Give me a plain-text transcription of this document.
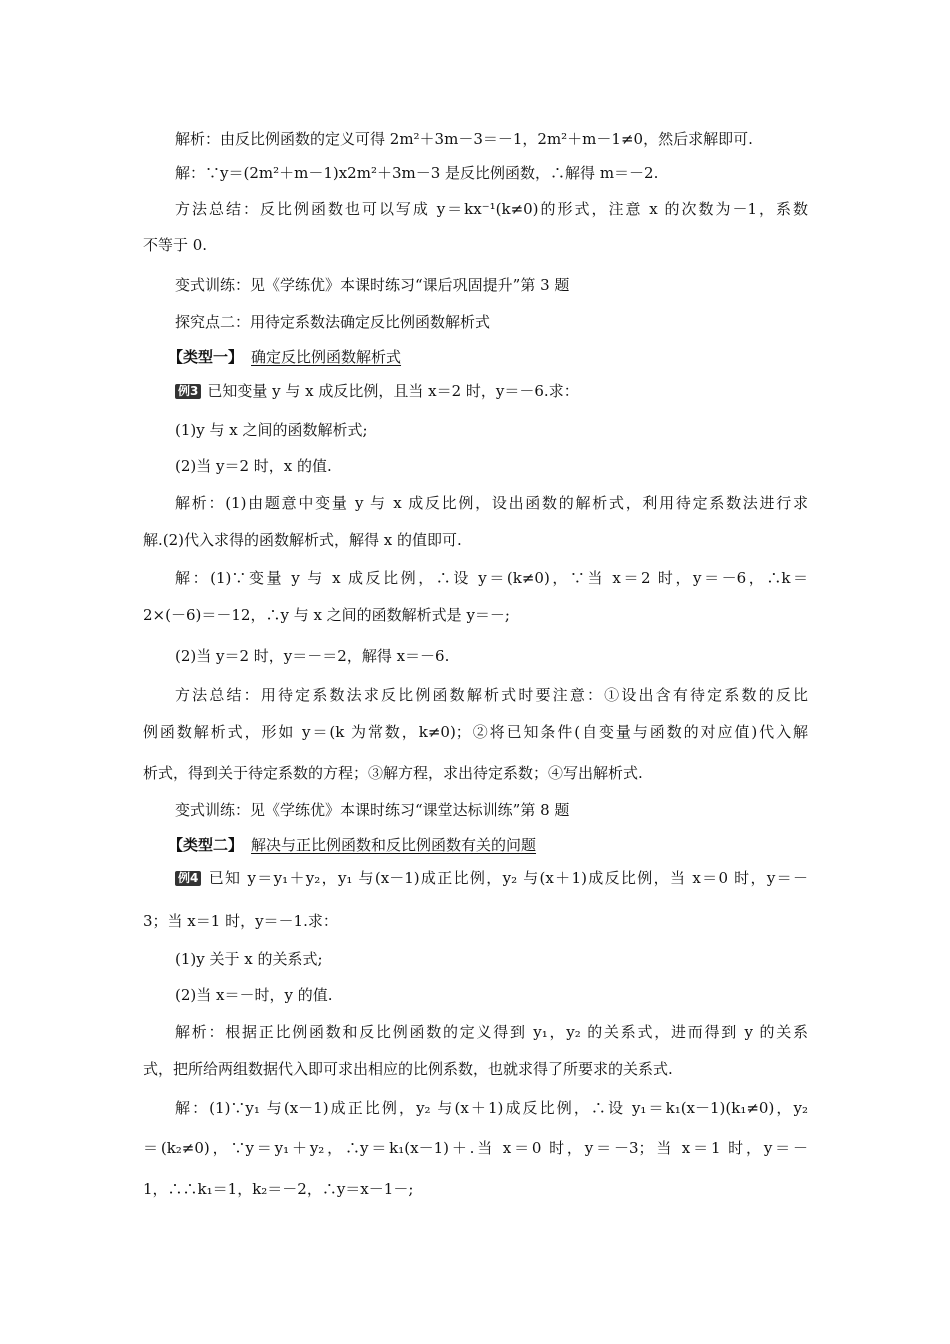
解析：由反比例函数的定义可得 2m²＋3m－3＝－1，2m²＋m－1≠0，然后求解即可.
解：∵y＝(2m²＋m－1)x2m²＋3m－3 是反比例函数，∴解得 m＝－2.
方法总结：反比例函数也可以写成 y＝kx⁻¹(k≠0)的形式，注意 x 的次数为－1，系数
不等于 0.
变式训练：见《学练优》本课时练习“课后巩固提升”第 3 题
探究点二：用待定系数法确定反比例函数解析式
【类型一】 确定反比例函数解析式
例3 已知变量 y 与 x 成反比例，且当 x＝2 时，y＝－6.求：
(1)y 与 x 之间的函数解析式;
(2)当 y＝2 时，x 的值.
解析：(1)由题意中变量 y 与 x 成反比例，设出函数的解析式，利用待定系数法进行求
解.(2)代入求得的函数解析式，解得 x 的值即可.
解：(1)∵变量 y 与 x 成反比例，∴设 y＝(k≠0)，∵当 x＝2 时，y＝－6，∴k＝
2×(－6)＝－12，∴y 与 x 之间的函数解析式是 y＝－;
(2)当 y＝2 时，y＝－＝2，解得 x＝－6.
方法总结：用待定系数法求反比例函数解析式时要注意：①设出含有待定系数的反比
例函数解析式，形如 y＝(k 为常数，k≠0)；②将已知条件(自变量与函数的对应值)代入解
析式，得到关于待定系数的方程；③解方程，求出待定系数；④写出解析式.
变式训练：见《学练优》本课时练习“课堂达标训练”第 8 题
【类型二】 解决与正比例函数和反比例函数有关的问题
例4 已知 y＝y₁＋y₂，y₁ 与(x－1)成正比例，y₂ 与(x＋1)成反比例，当 x＝0 时，y＝－
3；当 x＝1 时，y＝－1.求：
(1)y 关于 x 的关系式;
(2)当 x＝－时，y 的值.
解析：根据正比例函数和反比例函数的定义得到 y₁，y₂ 的关系式，进而得到 y 的关系
式，把所给两组数据代入即可求出相应的比例系数，也就求得了所要求的关系式.
解：(1)∵y₁ 与(x－1)成正比例，y₂ 与(x＋1)成反比例，∴设 y₁＝k₁(x－1)(k₁≠0)，y₂
＝(k₂≠0)，∵y＝y₁＋y₂，∴y＝k₁(x－1)＋.当 x＝0 时，y＝－3；当 x＝1 时，y＝－
1，∴∴k₁＝1，k₂＝－2，∴y＝x－1－;
